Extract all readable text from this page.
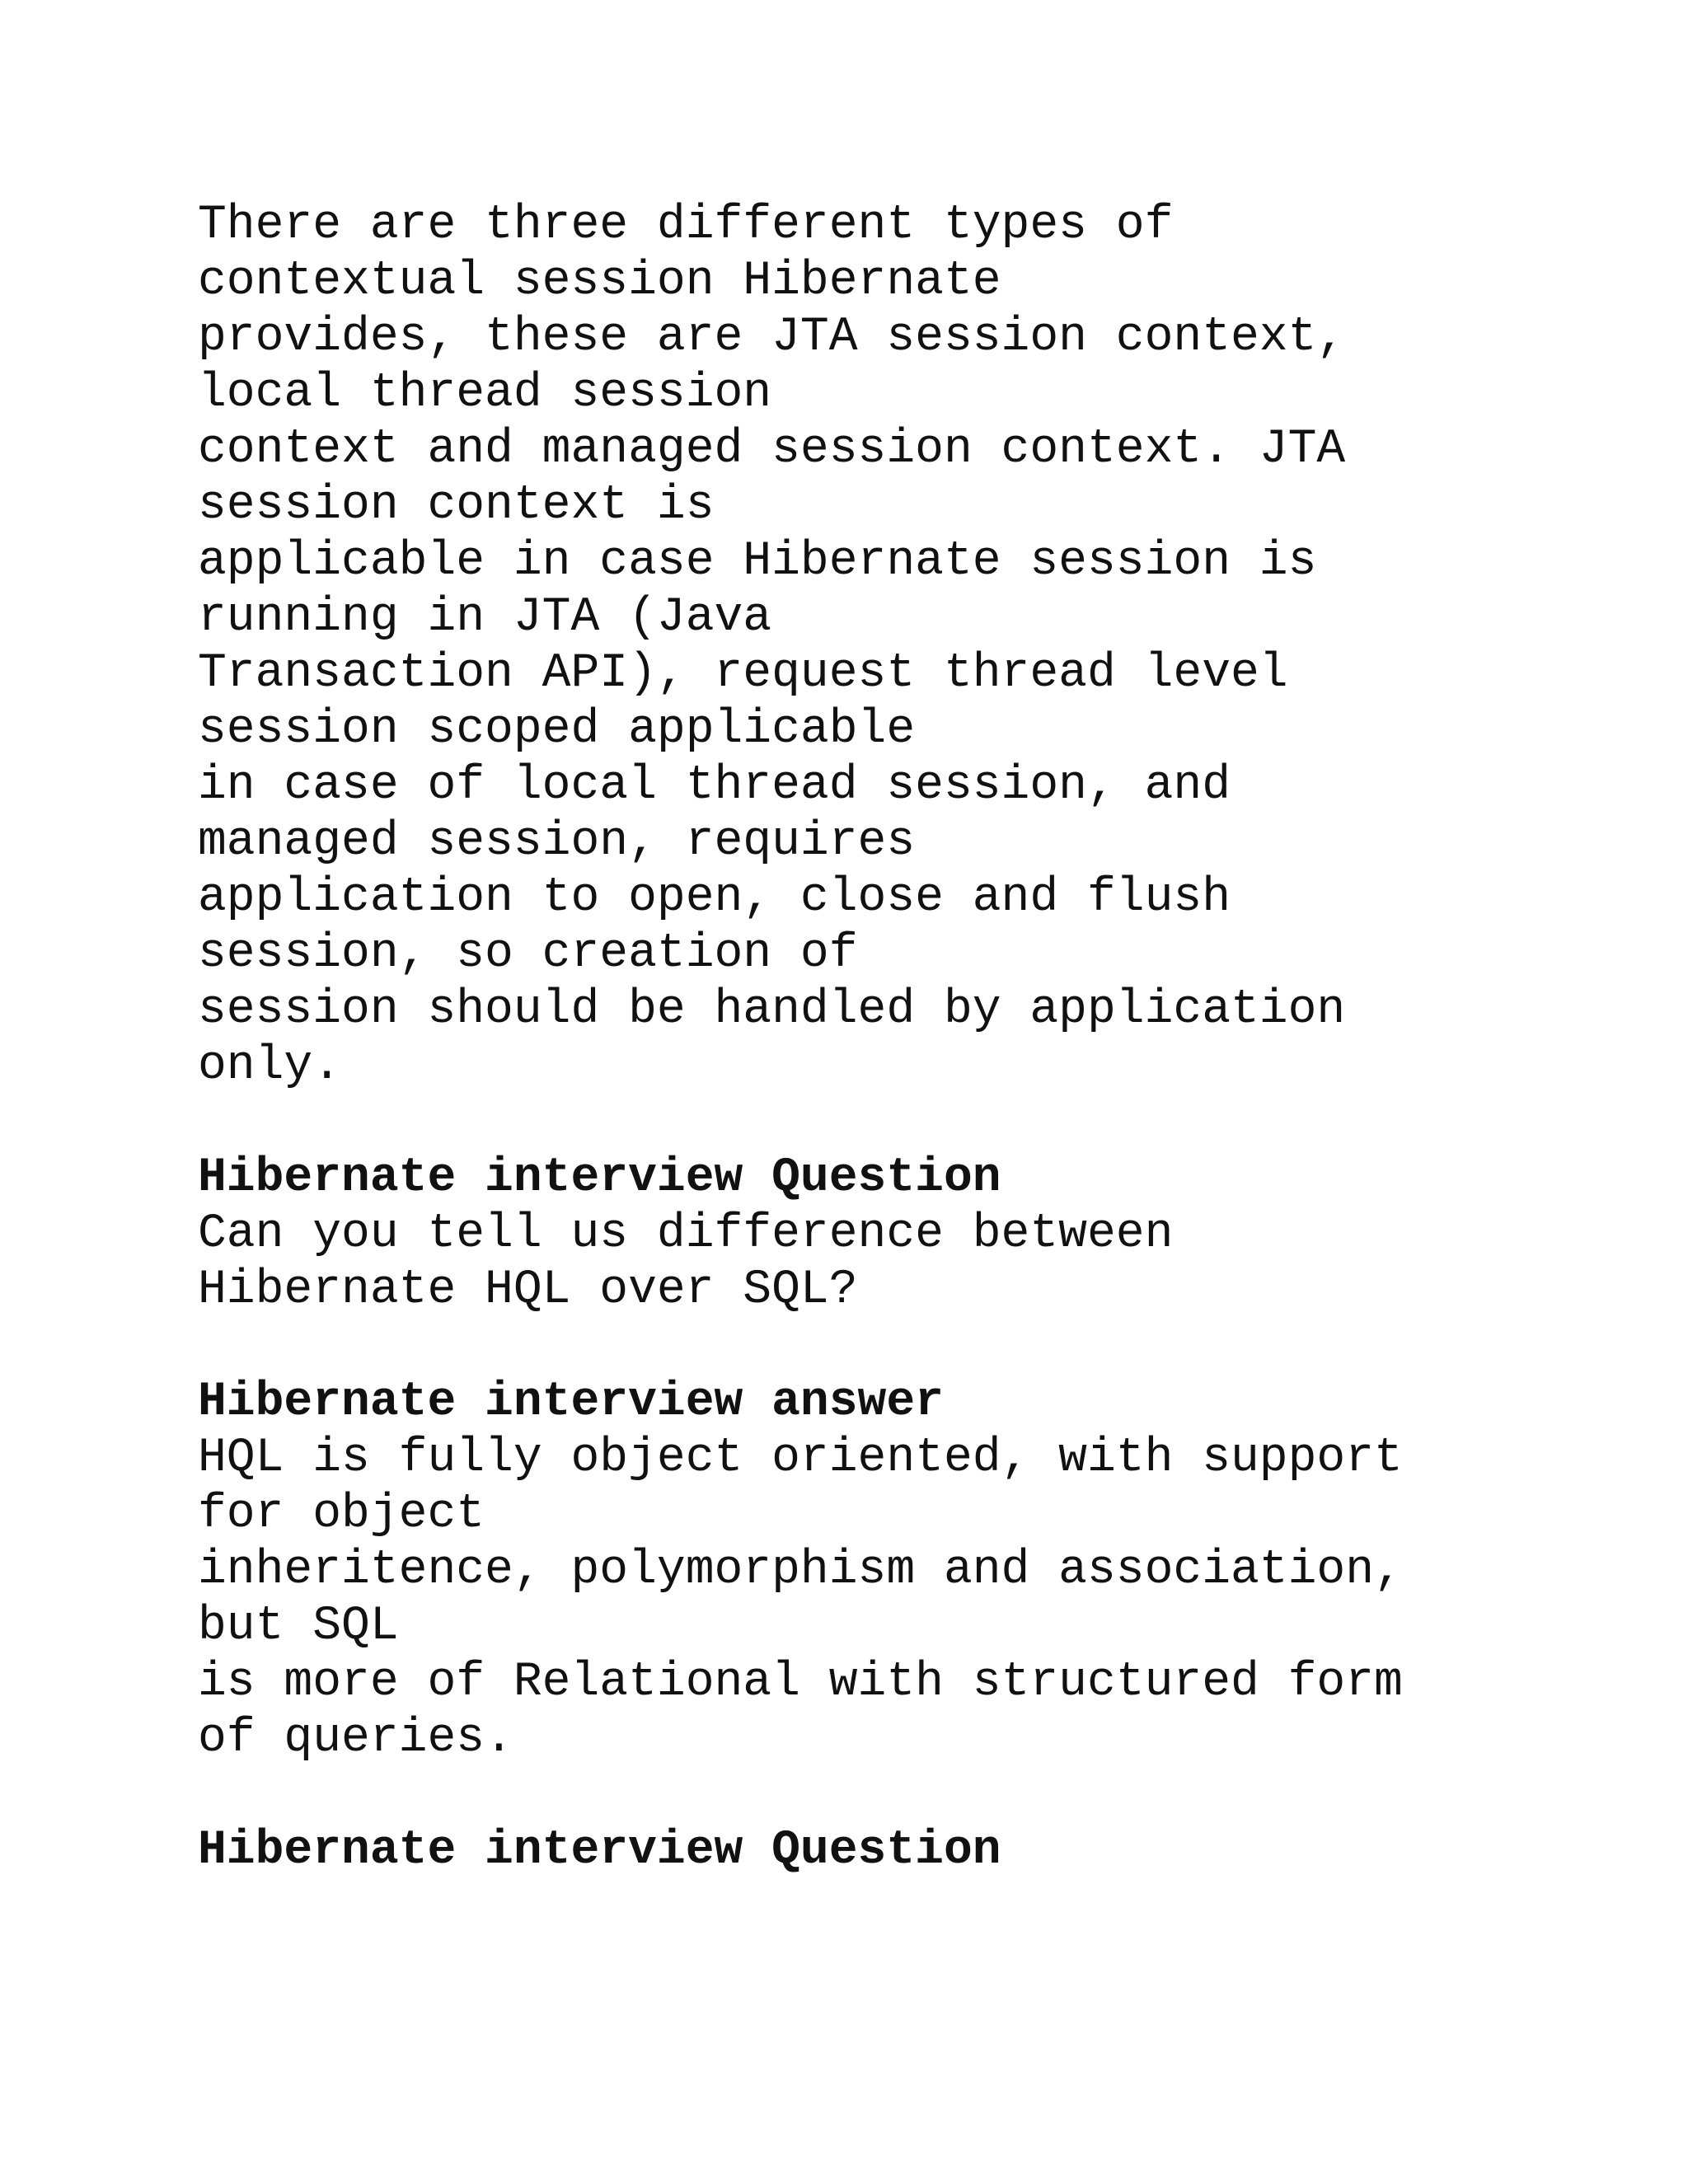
There are three different types of
contextual session Hibernate
provides, these are JTA session context,
local thread session
context and managed session context. JTA
session context is
applicable in case Hibernate session is
running in JTA (Java
Transaction API), request thread level
session scoped applicable
in case of local thread session, and
managed session, requires
application to open, close and flush
session, so creation of
session should be handled by application
only.
Hibernate interview Question
Can you tell us difference between
Hibernate HQL over SQL?
Hibernate interview answer
HQL is fully object oriented, with support
for object
inheritence, polymorphism and association,
but SQL
is more of Relational with structured form
of queries.
Hibernate interview Question
